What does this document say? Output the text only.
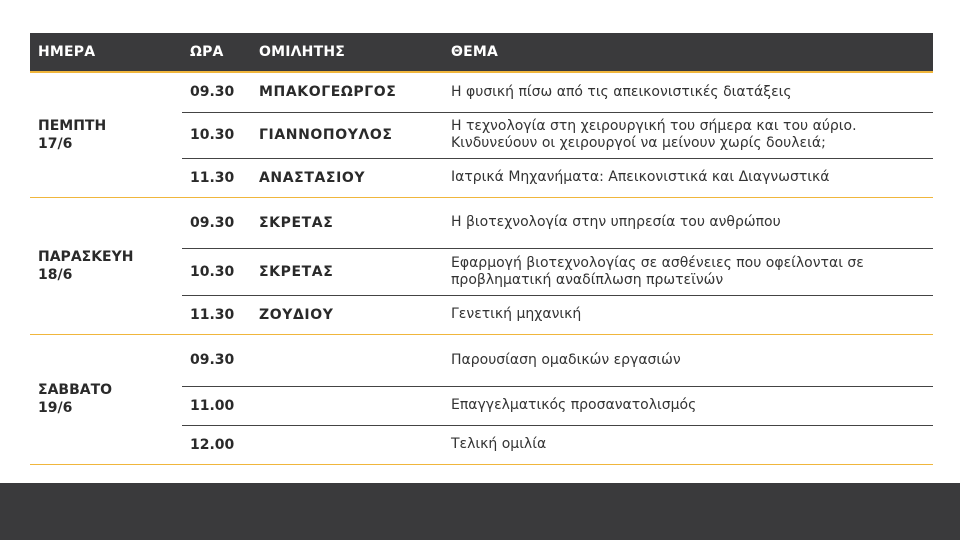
ΗΜΕΡΑ	ΩΡΑ	ΟΜΙΛΗΤΗΣ	ΘΕΜΑ

ΠΕΜΠΤΗ
17/6	09.30	ΜΠΑΚΟΓΕΩΡΓΟΣ	Η φυσική πίσω από τις απεικονιστικές διατάξεις
	10.30	ΓΙΑΝΝΟΠΟΥΛΟΣ	Η τεχνολογία στη χειρουργική του σήμερα και του αύριο. Κινδυνεύουν οι χειρουργοί να μείνουν χωρίς δουλειά;
	11.30	ΑΝΑΣΤΑΣΙΟΥ	Ιατρικά Μηχανήματα: Απεικονιστικά και Διαγνωστικά

ΠΑΡΑΣΚΕΥΗ
18/6	09.30	ΣΚΡΕΤΑΣ	Η βιοτεχνολογία στην υπηρεσία του ανθρώπου
	10.30	ΣΚΡΕΤΑΣ	Εφαρμογή βιοτεχνολογίας σε ασθένειες που οφείλονται σε προβληματική αναδίπλωση πρωτεϊνών
	11.30	ΖΟΥΔΙΟΥ	Γενετική μηχανική

ΣΑΒΒΑΤΟ
19/6	09.30		Παρουσίαση ομαδικών εργασιών
	11.00		Επαγγελματικός προσανατολισμός
	12.00		Τελική ομιλία
